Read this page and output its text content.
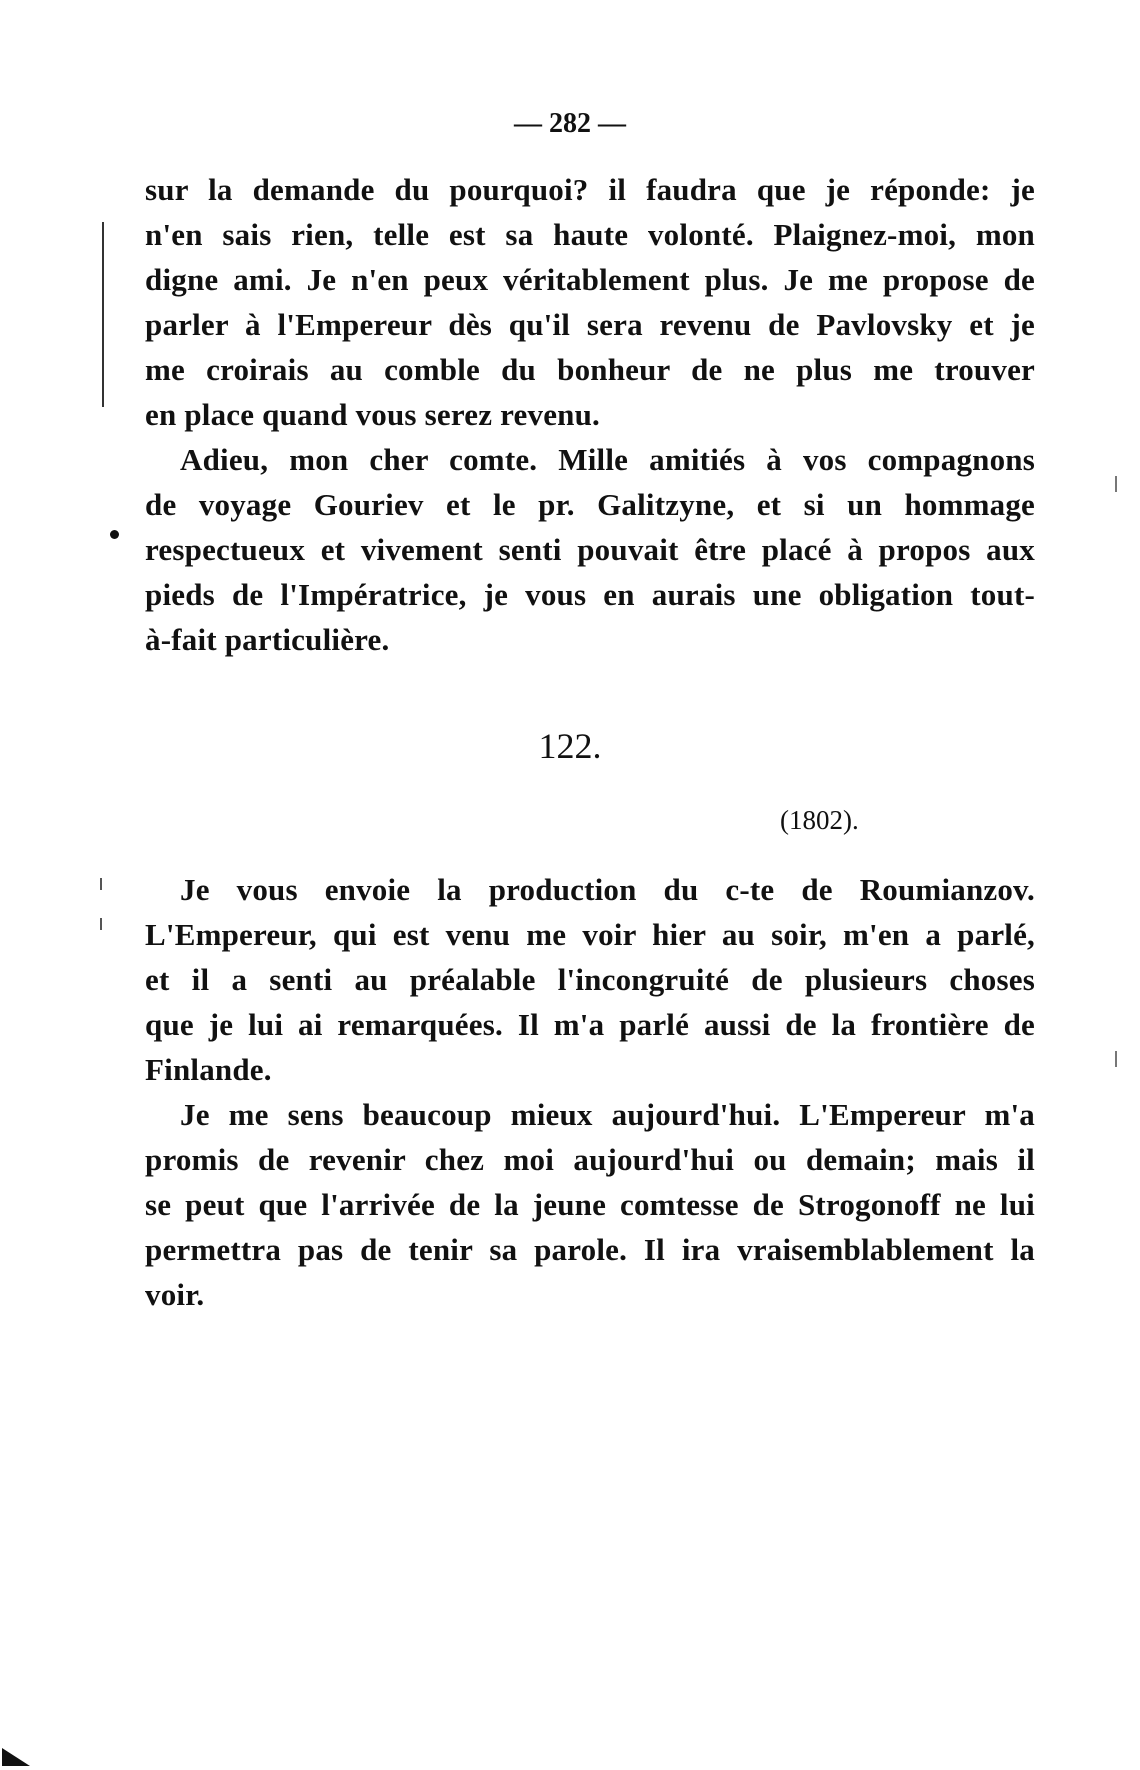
— 282 —
sur la demande du pourquoi? il faudra que je réponde: je
n'en sais rien, telle est sa haute volonté. Plaignez-moi, mon
digne ami. Je n'en peux véritablement plus. Je me propose de
parler à l'Empereur dès qu'il sera revenu de Pavlovsky et je
me croirais au comble du bonheur de ne plus me trouver
en place quand vous serez revenu.
Adieu, mon cher comte. Mille amitiés à vos compagnons
de voyage Gouriev et le pr. Galitzyne, et si un hommage
respectueux et vivement senti pouvait être placé à propos aux
pieds de l'Impératrice, je vous en aurais une obligation tout-
à-fait particulière.
122.
(1802).
Je vous envoie la production du c-te de Roumianzov.
L'Empereur, qui est venu me voir hier au soir, m'en a parlé,
et il a senti au préalable l'incongruité de plusieurs choses
que je lui ai remarquées. Il m'a parlé aussi de la frontière de
Finlande.
Je me sens beaucoup mieux aujourd'hui. L'Empereur m'a
promis de revenir chez moi aujourd'hui ou demain; mais il
se peut que l'arrivée de la jeune comtesse de Strogonoff ne lui
permettra pas de tenir sa parole. Il ira vraisemblablement la
voir.
